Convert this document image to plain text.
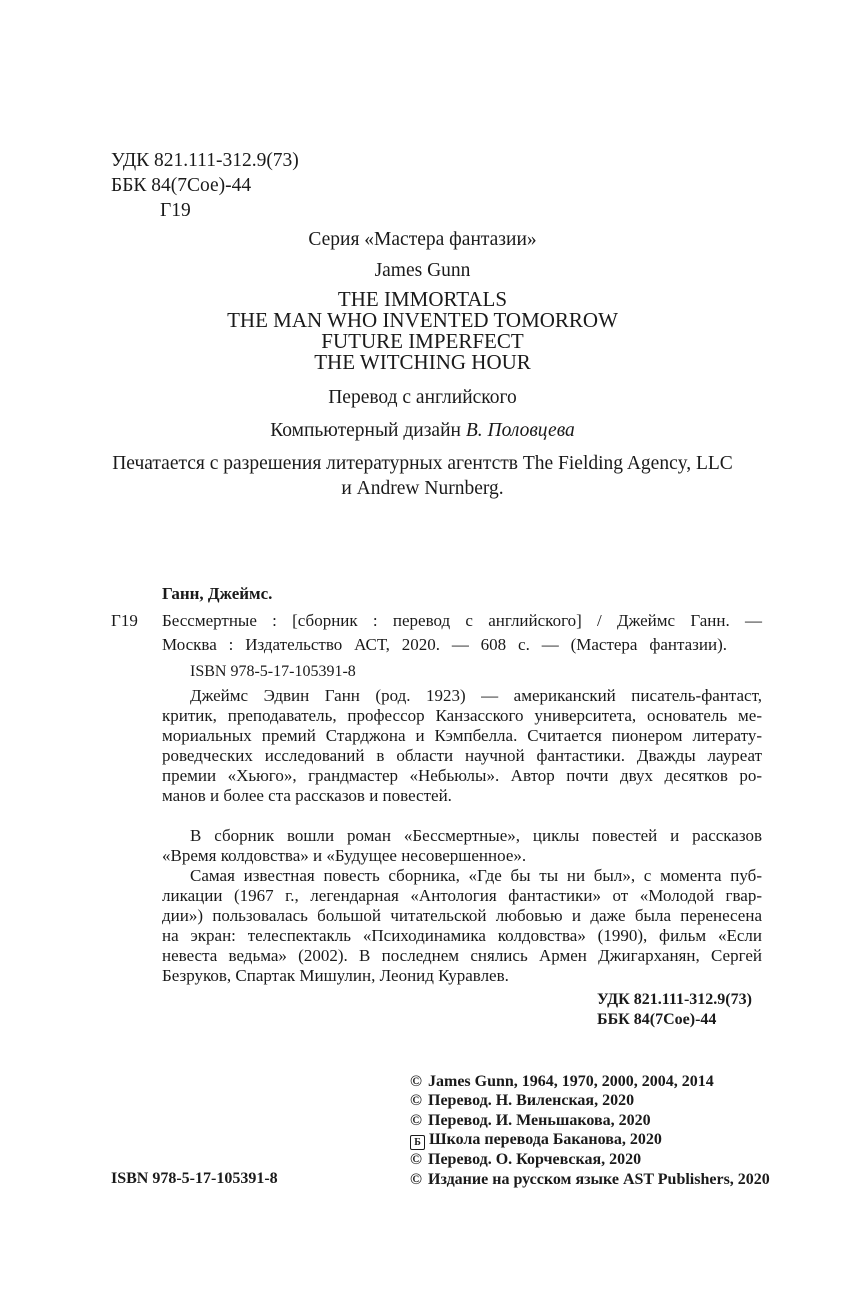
УДК 821.111-312.9(73)
ББК 84(7Сое)-44
Г19
Серия «Мастера фантазии»
James Gunn
THE IMMORTALS
THE MAN WHO INVENTED TOMORROW
FUTURE IMPERFECT
THE WITCHING HOUR
Перевод с английского
Компьютерный дизайн В. Половцева
Печатается с разрешения литературных агентств The Fielding Agency, LLC
и Andrew Nurnberg.
Ганн, Джеймс.
Г19 Бессмертные : [сборник : перевод с английского] / Джеймс Ганн. —
Москва : Издательство АСТ, 2020. — 608 с. — (Мастера фантазии).
ISBN 978-5-17-105391-8
Джеймс Эдвин Ганн (род. 1923) — американский писатель-фантаст,
критик, преподаватель, профессор Канзасского университета, основатель ме-
мориальных премий Старджона и Кэмпбелла. Считается пионером литерату-
роведческих исследований в области научной фантастики. Дважды лауреат
премии «Хьюго», грандмастер «Небьюлы». Автор почти двух десятков ро-
манов и более ста рассказов и повестей.
В сборник вошли роман «Бессмертные», циклы повестей и рассказов
«Время колдовства» и «Будущее несовершенное».
Самая известная повесть сборника, «Где бы ты ни был», с момента пуб-
ликации (1967 г., легендарная «Антология фантастики» от «Молодой гвар-
дии») пользовалась большой читательской любовью и даже была перенесена
на экран: телеспектакль «Психодинамика колдовства» (1990), фильм «Если
невеста ведьма» (2002). В последнем снялись Армен Джигарханян, Сергей
Безруков, Спартак Мишулин, Леонид Куравлев.
УДК 821.111-312.9(73)
ББК 84(7Сое)-44
© James Gunn, 1964, 1970, 2000, 2004, 2014
© Перевод. Н. Виленская, 2020
© Перевод. И. Меньшакова, 2020
Б Школа перевода Баканова, 2020
© Перевод. О. Корчевская, 2020
© Издание на русском языке AST Publishers, 2020
ISBN 978-5-17-105391-8
